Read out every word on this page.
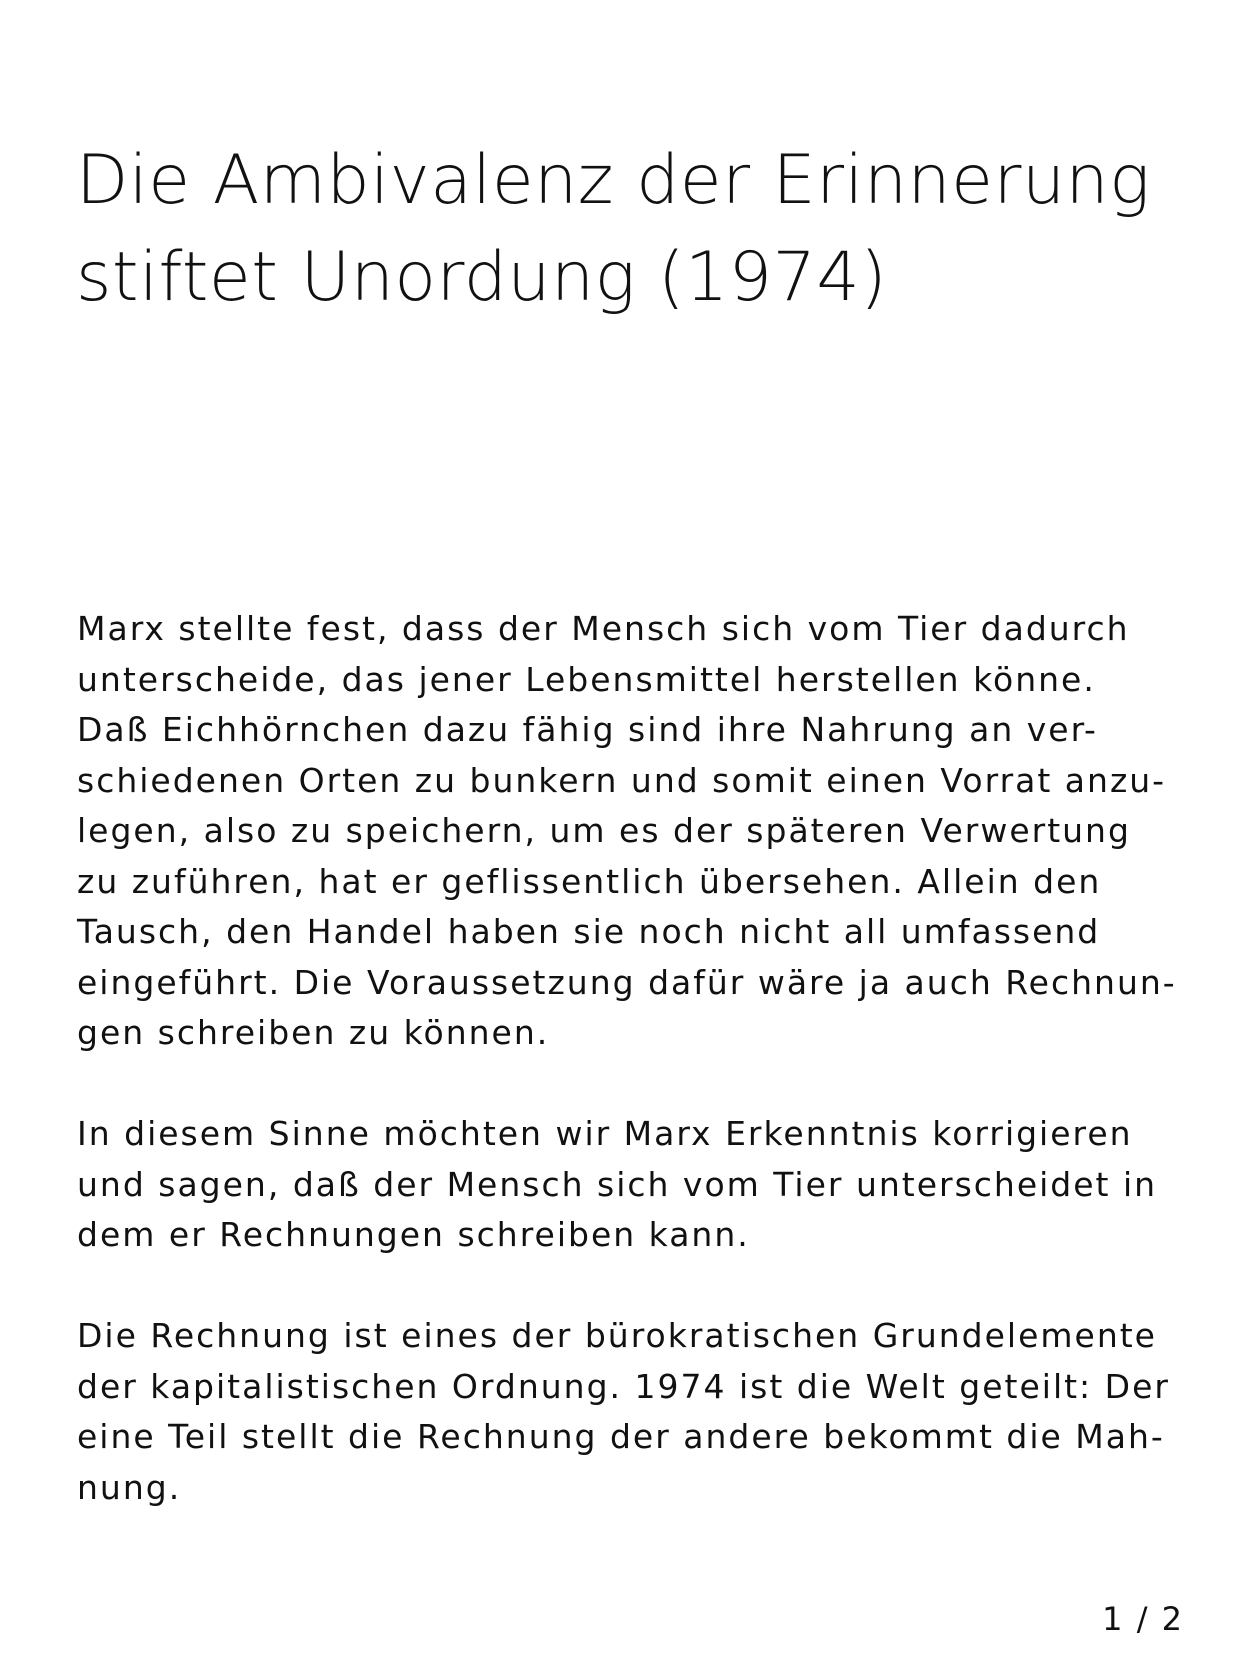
Die Ambivalenz der Erinnerung
stiftet Unordung (1974)

Marx stellte fest, dass der Mensch sich vom Tier dadurch
unterscheide, das jener Lebensmittel herstellen könne.
Daß Eichhörnchen dazu fähig sind ihre Nahrung an ver-
schiedenen Orten zu bunkern und somit einen Vorrat anzu-
legen, also zu speichern, um es der späteren Verwertung
zu zuführen, hat er geflissentlich übersehen. Allein den
Tausch, den Handel haben sie noch nicht all umfassend
eingeführt. Die Voraussetzung dafür wäre ja auch Rechnun-
gen schreiben zu können.

In diesem Sinne möchten wir Marx Erkenntnis korrigieren
und sagen, daß der Mensch sich vom Tier unterscheidet in
dem er Rechnungen schreiben kann.

Die Rechnung ist eines der bürokratischen Grundelemente
der kapitalistischen Ordnung. 1974 ist die Welt geteilt: Der
eine Teil stellt die Rechnung der andere bekommt die Mah-
nung.

1 / 2
